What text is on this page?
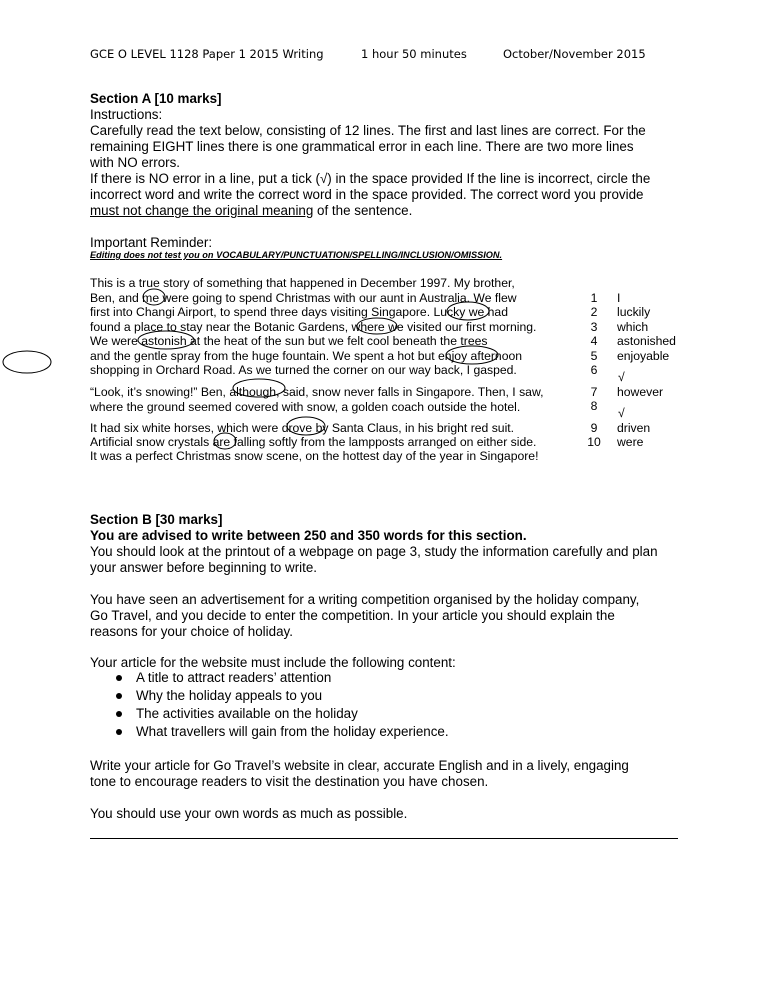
GCE O LEVEL 1128 Paper 1 2015 Writing	1 hour 50 minutes	October/November 2015
Section A [10 marks]
Instructions:
Carefully read the text below, consisting of 12 lines. The first and last lines are correct. For the
remaining EIGHT lines there is one grammatical error in each line. There are two more lines
with NO errors.
If there is NO error in a line, put a tick (√) in the space provided If the line is incorrect, circle the
incorrect word and write the correct word in the space provided. The correct word you provide
must not change the original meaning of the sentence.
Important Reminder:
Editing does not test you on VOCABULARY/PUNCTUATION/SPELLING/INCLUSION/OMISSION.
This is a true story of something that happened in December 1997. My brother,
Ben, and me were going to spend Christmas with our aunt in Australia. We flew	1	I
first into Changi Airport, to spend three days visiting Singapore. Lucky we had	2	luckily
found a place to stay near the Botanic Gardens, where we visited our first morning.	3	which
We were astonish at the heat of the sun but we felt cool beneath the trees	4	astonished
and the gentle spray from the huge fountain. We spent a hot but enjoy afternoon	5	enjoyable
shopping in Orchard Road. As we turned the corner on our way back, I gasped.	6	√
“Look, it’s snowing!” Ben, although, said, snow never falls in Singapore. Then, I saw,	7	however
where the ground seemed covered with snow, a golden coach outside the hotel.	8	√
It had six white horses, which were drove by Santa Claus, in his bright red suit.	9	driven
Artificial snow crystals are falling softly from the lampposts arranged on either side.	10 were
It was a perfect Christmas snow scene, on the hottest day of the year in Singapore!
Section B [30 marks]
You are advised to write between 250 and 350 words for this section.
You should look at the printout of a webpage on page 3, study the information carefully and plan
your answer before beginning to write.
You have seen an advertisement for a writing competition organised by the holiday company,
Go Travel, and you decide to enter the competition. In your article you should explain the
reasons for your choice of holiday.
Your article for the website must include the following content:
A title to attract readers’ attention
Why the holiday appeals to you
The activities available on the holiday
What travellers will gain from the holiday experience.
Write your article for Go Travel’s website in clear, accurate English and in a lively, engaging
tone to encourage readers to visit the destination you have chosen.
You should use your own words as much as possible.
